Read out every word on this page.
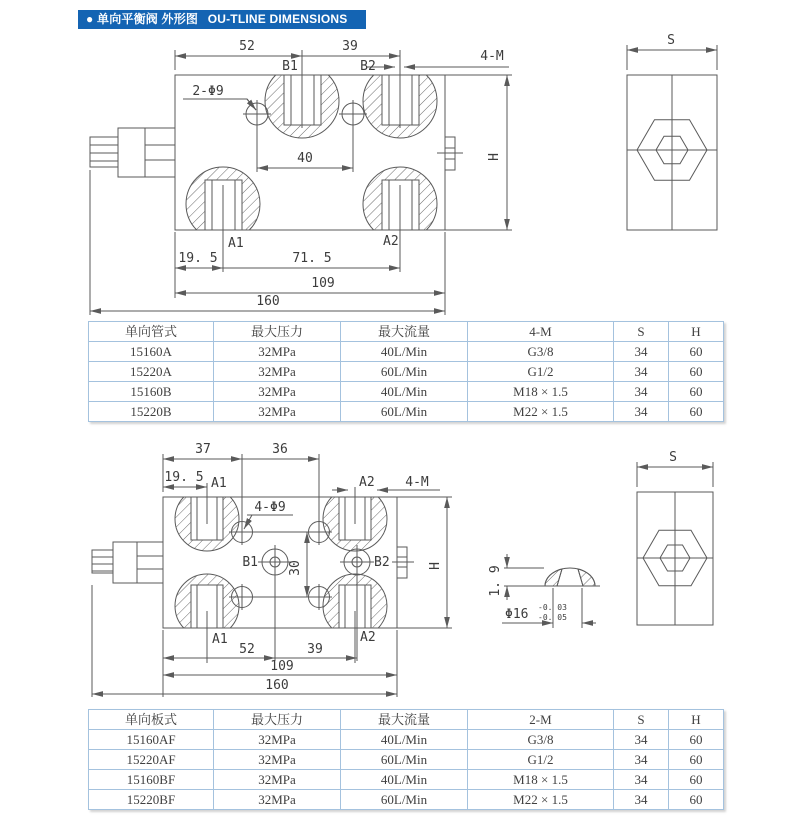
● 单向平衡阀 外形图 OU-TLINE DIMENSIONS
52	39
B1	B2
4-M
2-Φ9
40
A1	A2
19. 5	71. 5
109
160
H
S
37	36
19. 5 A1	A2 4-M
4-Φ9
B1	B2
30	H
A1	A2
52	39
109
160
1. 9
Φ16 -0. 03
-0. 05
S
单向管式	最大压力	最大流量	4-M	S	H
15160A	32MPa	40L/Min	G3/8	34	60
15220A	32MPa	60L/Min	G1/2	34	60
15160B	32MPa	40L/Min	M18 × 1.5	34	60
15220B	32MPa	60L/Min	M22 × 1.5	34	60
单向板式	最大压力	最大流量	2-M	S	H
15160AF	32MPa	40L/Min	G3/8	34	60
15220AF	32MPa	60L/Min	G1/2	34	60
15160BF	32MPa	40L/Min	M18 × 1.5	34	60
15220BF	32MPa	60L/Min	M22 × 1.5	34	60
